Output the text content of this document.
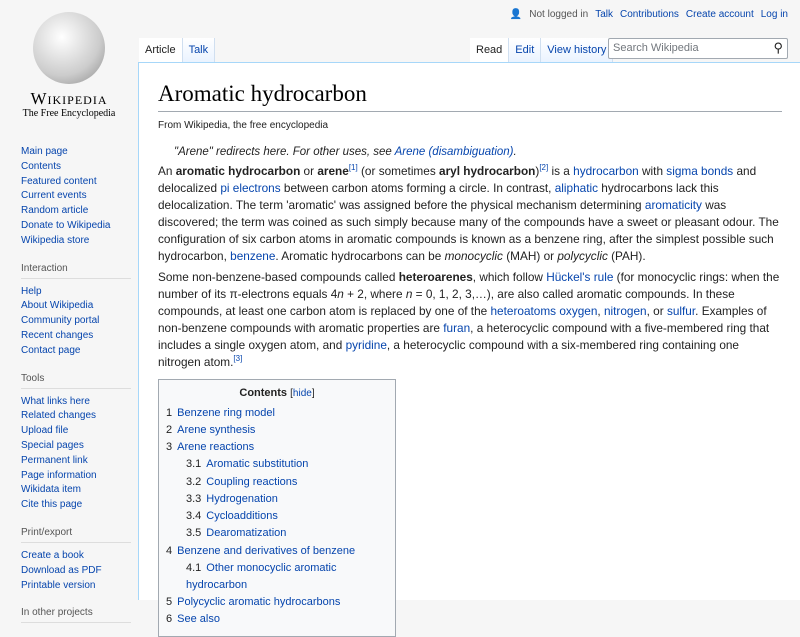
Wikipedia
The Free Encyclopedia
Main page
Contents
Featured content
Current events
Random article
Donate to Wikipedia
Wikipedia store
Interaction
Help
About Wikipedia
Community portal
Recent changes
Contact page
Tools
What links here
Related changes
Upload file
Special pages
Permanent link
Page information
Wikidata item
Cite this page
Print/export
Create a book
Download as PDF
Printable version
In other projects
👤 Not logged in Talk Contributions Create account Log in
Article	Talk	Read	Edit	View history Search Wikipedia	⚲
Aromatic hydrocarbon
From Wikipedia, the free encyclopedia
"Arene" redirects here. For other uses, see Arene (disambiguation).

An aromatic hydrocarbon or arene[1] (or sometimes aryl hydrocarbon)[2] is a hydrocarbon with sigma bonds and delocalized pi electrons between carbon atoms forming a circle. In contrast, aliphatic hydrocarbons lack this delocalization. The term 'aromatic' was assigned before the physical mechanism determining aromaticity was discovered; the term was coined as such simply because many of the compounds have a sweet or pleasant odour. The configuration of six carbon atoms in aromatic compounds is known as a benzene ring, after the simplest possible such hydrocarbon, benzene. Aromatic hydrocarbons can be monocyclic (MAH) or polycyclic (PAH).

Some non-benzene-based compounds called heteroarenes, which follow Hückel's rule (for monocyclic rings: when the number of its π-electrons equals 4n + 2, where n = 0, 1, 2, 3,…), are also called aromatic compounds. In these compounds, at least one carbon atom is replaced by one of the heteroatoms oxygen, nitrogen, or sulfur. Examples of non-benzene compounds with aromatic properties are furan, a heterocyclic compound with a five-membered ring that includes a single oxygen atom, and pyridine, a heterocyclic compound with a six-membered ring containing one nitrogen atom.[3]

Contents [hide]
1 Benzene ring model
2 Arene synthesis
3 Arene reactions
3.1 Aromatic substitution
3.2 Coupling reactions
3.3 Hydrogenation
3.4 Cycloadditions
3.5 Dearomatization
4 Benzene and derivatives of benzene
4.1 Other monocyclic aromatic hydrocarbon
5 Polycyclic aromatic hydrocarbons
6 See also
